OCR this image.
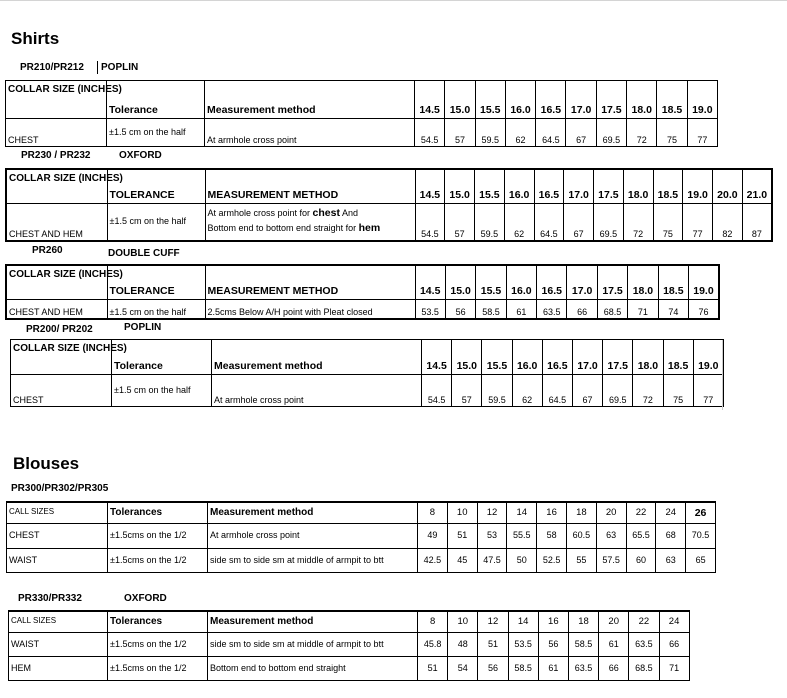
Shirts
PR210/PR212 POPLIN
COLLAR SIZE (INCHES)	Tolerance	Measurement method	14.5	15.0	15.5	16.0	16.5	17.0	17.5	18.0	18.5	19.0
CHEST	±1.5 cm on the half	At armhole cross point	54.5	57	59.5	62	64.5	67	69.5	72	75	77
PR230 / PR232	OXFORD
COLLAR SIZE (INCHES)	TOLERANCE	MEASUREMENT METHOD	14.5	15.0	15.5	16.0	16.5	17.0	17.5	18.0	18.5	19.0	20.0	21.0
CHEST AND HEM	±1.5 cm on the half	At armhole cross point for chest And
Bottom end to bottom end straight for hem	54.5	57	59.5	62	64.5	67	69.5	72	75	77	82	87
PR260	DOUBLE CUFF
COLLAR SIZE (INCHES)	TOLERANCE	MEASUREMENT METHOD	14.5	15.0	15.5	16.0	16.5	17.0	17.5	18.0	18.5	19.0
CHEST AND HEM	±1.5 cm on the half	2.5cms Below A/H point with Pleat closed	53.5	56	58.5	61	63.5	66	68.5	71	74	76
PR200/ PR202	POPLIN
COLLAR SIZE (INCHES)	Tolerance	Measurement method	14.5	15.0	15.5	16.0	16.5	17.0	17.5	18.0	18.5	19.0
CHEST	±1.5 cm on the half	At armhole cross point	54.5	57	59.5	62	64.5	67	69.5	72	75	77
Blouses
PR300/PR302/PR305
CALL SIZES	Tolerances	Measurement method	8	10	12	14	16	18	20	22	24	26
CHEST	±1.5cms on the 1/2	At armhole cross point	49	51	53	55.5	58	60.5	63	65.5	68	70.5
WAIST	±1.5cms on the 1/2	side sm to side sm at middle of armpit to btt	42.5	45	47.5	50	52.5	55	57.5	60	63	65
PR330/PR332	OXFORD
CALL SIZES	Tolerances	Measurement method	8	10	12	14	16	18	20	22	24
WAIST	±1.5cms on the 1/2	side sm to side sm at middle of armpit to btt	45.8	48	51	53.5	56	58.5	61	63.5	66
HEM	±1.5cms on the 1/2	Bottom end to bottom end straight	51	54	56	58.5	61	63.5	66	68.5	71
